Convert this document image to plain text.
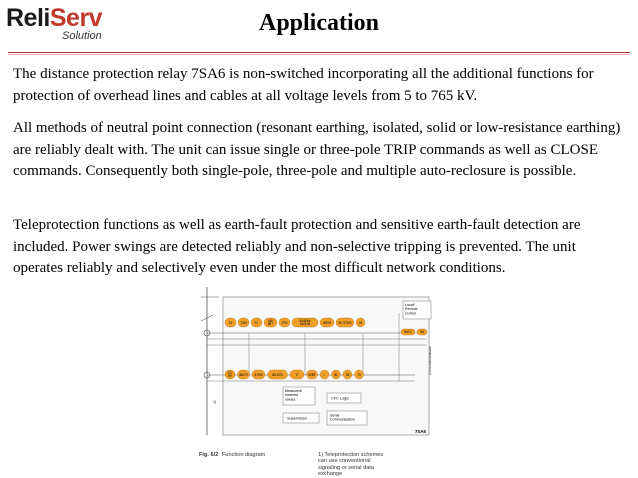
ReliServ
Solution	Application

The distance protection relay 7SA6 is non-switched incorporating all the additional functions for protection of overhead lines and cables at all voltage levels from 5 to 765 kV.

All methods of neutral point connection (resonant earthing, isolated, solid or low-resistance earthing) are reliably dealt with. The unit can issue single or three-pole TRIP commands as well as CLOSE commands. Consequently both single-pole, three-pole and multiple auto-reclosure is possible.

Teleprotection functions as well as earth-fault protection and sensitive earth-fault detection are included. Power swings are detected reliably and non-selective tripping is prevented. The unit operates reliably and selectively even under the most difficult network conditions.

21	21N	FL
68/ 68T	67N
50/50N/ 51/51N	50HS 50 STUB 49
27/ 59 86/79 67/59	85-67N	Z	50BF ∴	81 25 79
Local/ Remote control
86TC	98
Measured/ metered values	CFC Logic
Supervision
Serial Communication
7SA6
1)
Commands/Feedbacks
Fig. 6/2 Function diagram	1) Teleprotection schemes can use conventional signaling or serial data exchange
